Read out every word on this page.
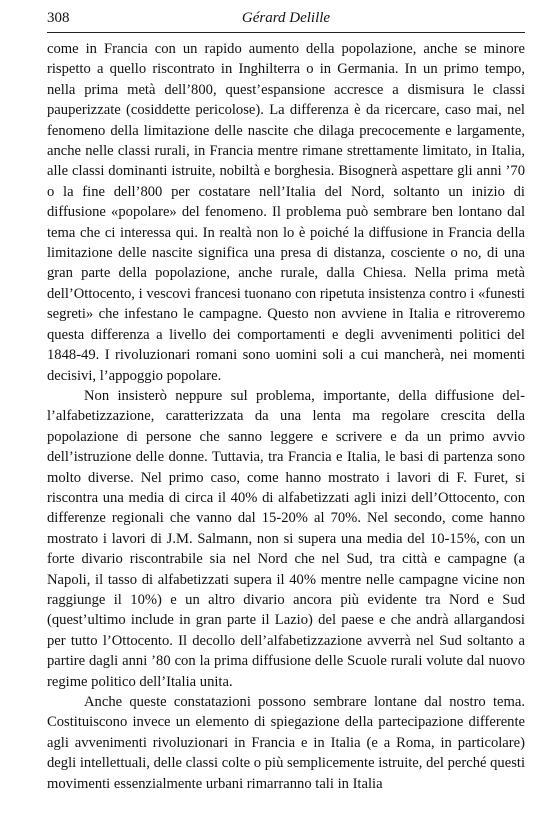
308	Gérard Delille

come in Francia con un rapido aumento della popolazione, anche se minore rispetto a quello riscontrato in Inghilterra o in Germania. In un primo tempo, nella prima metà dell’800, quest’espansione accresce a dismisura le classi pauperizzate (cosiddette pericolose). La differenza è da ricercare, caso mai, nel fenomeno della limitazione delle nascite che dilaga precocemente e largamente, anche nelle classi rurali, in Francia mentre rimane strettamente limitato, in Italia, alle classi dominanti istruite, nobiltà e borghesia. Bisognerà aspettare gli anni ’70 o la fine dell’800 per costatare nell’Italia del Nord, soltanto un inizio di diffusione «popolare» del fenomeno. Il problema può sembrare ben lontano dal tema che ci interessa qui. In realtà non lo è poiché la diffusione in Francia della limitazione delle nascite significa una presa di distanza, cosciente o no, di una gran parte della popolazione, anche rurale, dalla Chiesa. Nella prima metà dell’Ottocento, i vescovi francesi tuonano con ripetuta insistenza contro i «funesti segreti» che infestano le campagne. Questo non avviene in Italia e ritroveremo questa differenza a livello dei comportamenti e degli avvenimenti politici del 1848-49. I rivoluzionari romani sono uomini soli a cui mancherà, nei momenti decisivi, l’appoggio popolare.

Non insisterò neppure sul problema, importante, della diffusione dell’alfabetizzazione, caratterizzata da una lenta ma regolare crescita della popolazione di persone che sanno leggere e scrivere e da un primo avvio dell’istruzione delle donne. Tuttavia, tra Francia e Italia, le basi di partenza sono molto diverse. Nel primo caso, come hanno mostrato i lavori di F. Furet, si riscontra una media di circa il 40% di alfabetizzati agli inizi dell’Ottocento, con differenze regionali che vanno dal 15-20% al 70%. Nel secondo, come hanno mostrato i lavori di J.M. Salmann, non si supera una media del 10-15%, con un forte divario riscontrabile sia nel Nord che nel Sud, tra città e campagne (a Napoli, il tasso di alfabetizzati supera il 40% mentre nelle campagne vicine non raggiunge il 10%) e un altro divario ancora più evidente tra Nord e Sud (quest’ultimo include in gran parte il Lazio) del paese e che andrà allargandosi per tutto l’Ottocento. Il decollo dell’alfabetizzazione avverrà nel Sud soltanto a partire dagli anni ’80 con la prima diffusione delle Scuole rurali volute dal nuovo regime politico dell’Italia unita.

Anche queste constatazioni possono sembrare lontane dal nostro tema. Costituiscono invece un elemento di spiegazione della partecipazione differente agli avvenimenti rivoluzionari in Francia e in Italia (e a Roma, in particolare) degli intellettuali, delle classi colte o più semplicemente istruite, del perché questi movimenti essenzialmente urbani rimarranno tali in Italia
